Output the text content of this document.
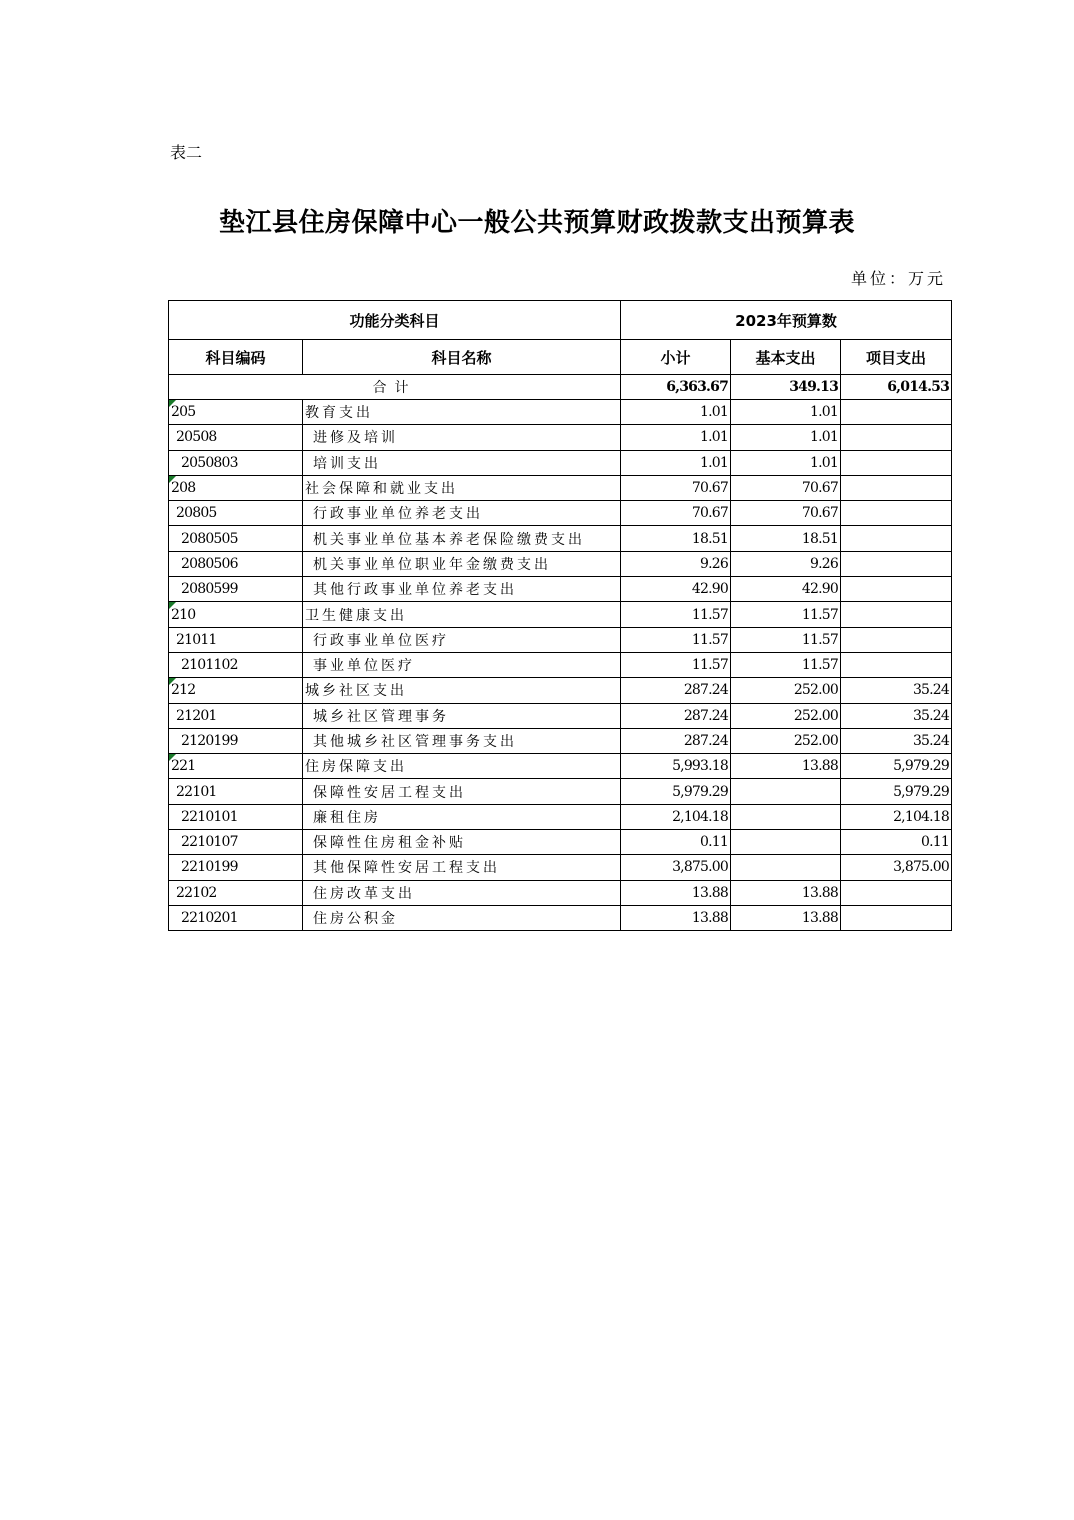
表二
垫江县住房保障中心一般公共预算财政拨款支出预算表
单位：万元
功能分类科目		2023年预算数		
科目编码	科目名称	小计	基本支出	项目支出
合计		6,363.67	349.13	6,014.53

205	教育支出	1.01	1.01	
20508	进修及培训	1.01	1.01	
2050803	培训支出	1.01	1.01	

208	社会保障和就业支出	70.67	70.67	
20805	行政事业单位养老支出	70.67	70.67	
2080505	机关事业单位基本养老保险缴费支出	18.51	18.51	
2080506	机关事业单位职业年金缴费支出	9.26	9.26	
2080599	其他行政事业单位养老支出	42.90	42.90	

210	卫生健康支出	11.57	11.57	
21011	行政事业单位医疗	11.57	11.57	
2101102	事业单位医疗	11.57	11.57	

212	城乡社区支出	287.24	252.00	35.24
21201	城乡社区管理事务	287.24	252.00	35.24
2120199	其他城乡社区管理事务支出	287.24	252.00	35.24

221	住房保障支出	5,993.18	13.88	5,979.29
22101	保障性安居工程支出	5,979.29		5,979.29
2210101	廉租住房	2,104.18		2,104.18
2210107	保障性住房租金补贴	0.11		0.11
2210199	其他保障性安居工程支出	3,875.00		3,875.00
22102	住房改革支出	13.88	13.88	
2210201	住房公积金	13.88	13.88	
